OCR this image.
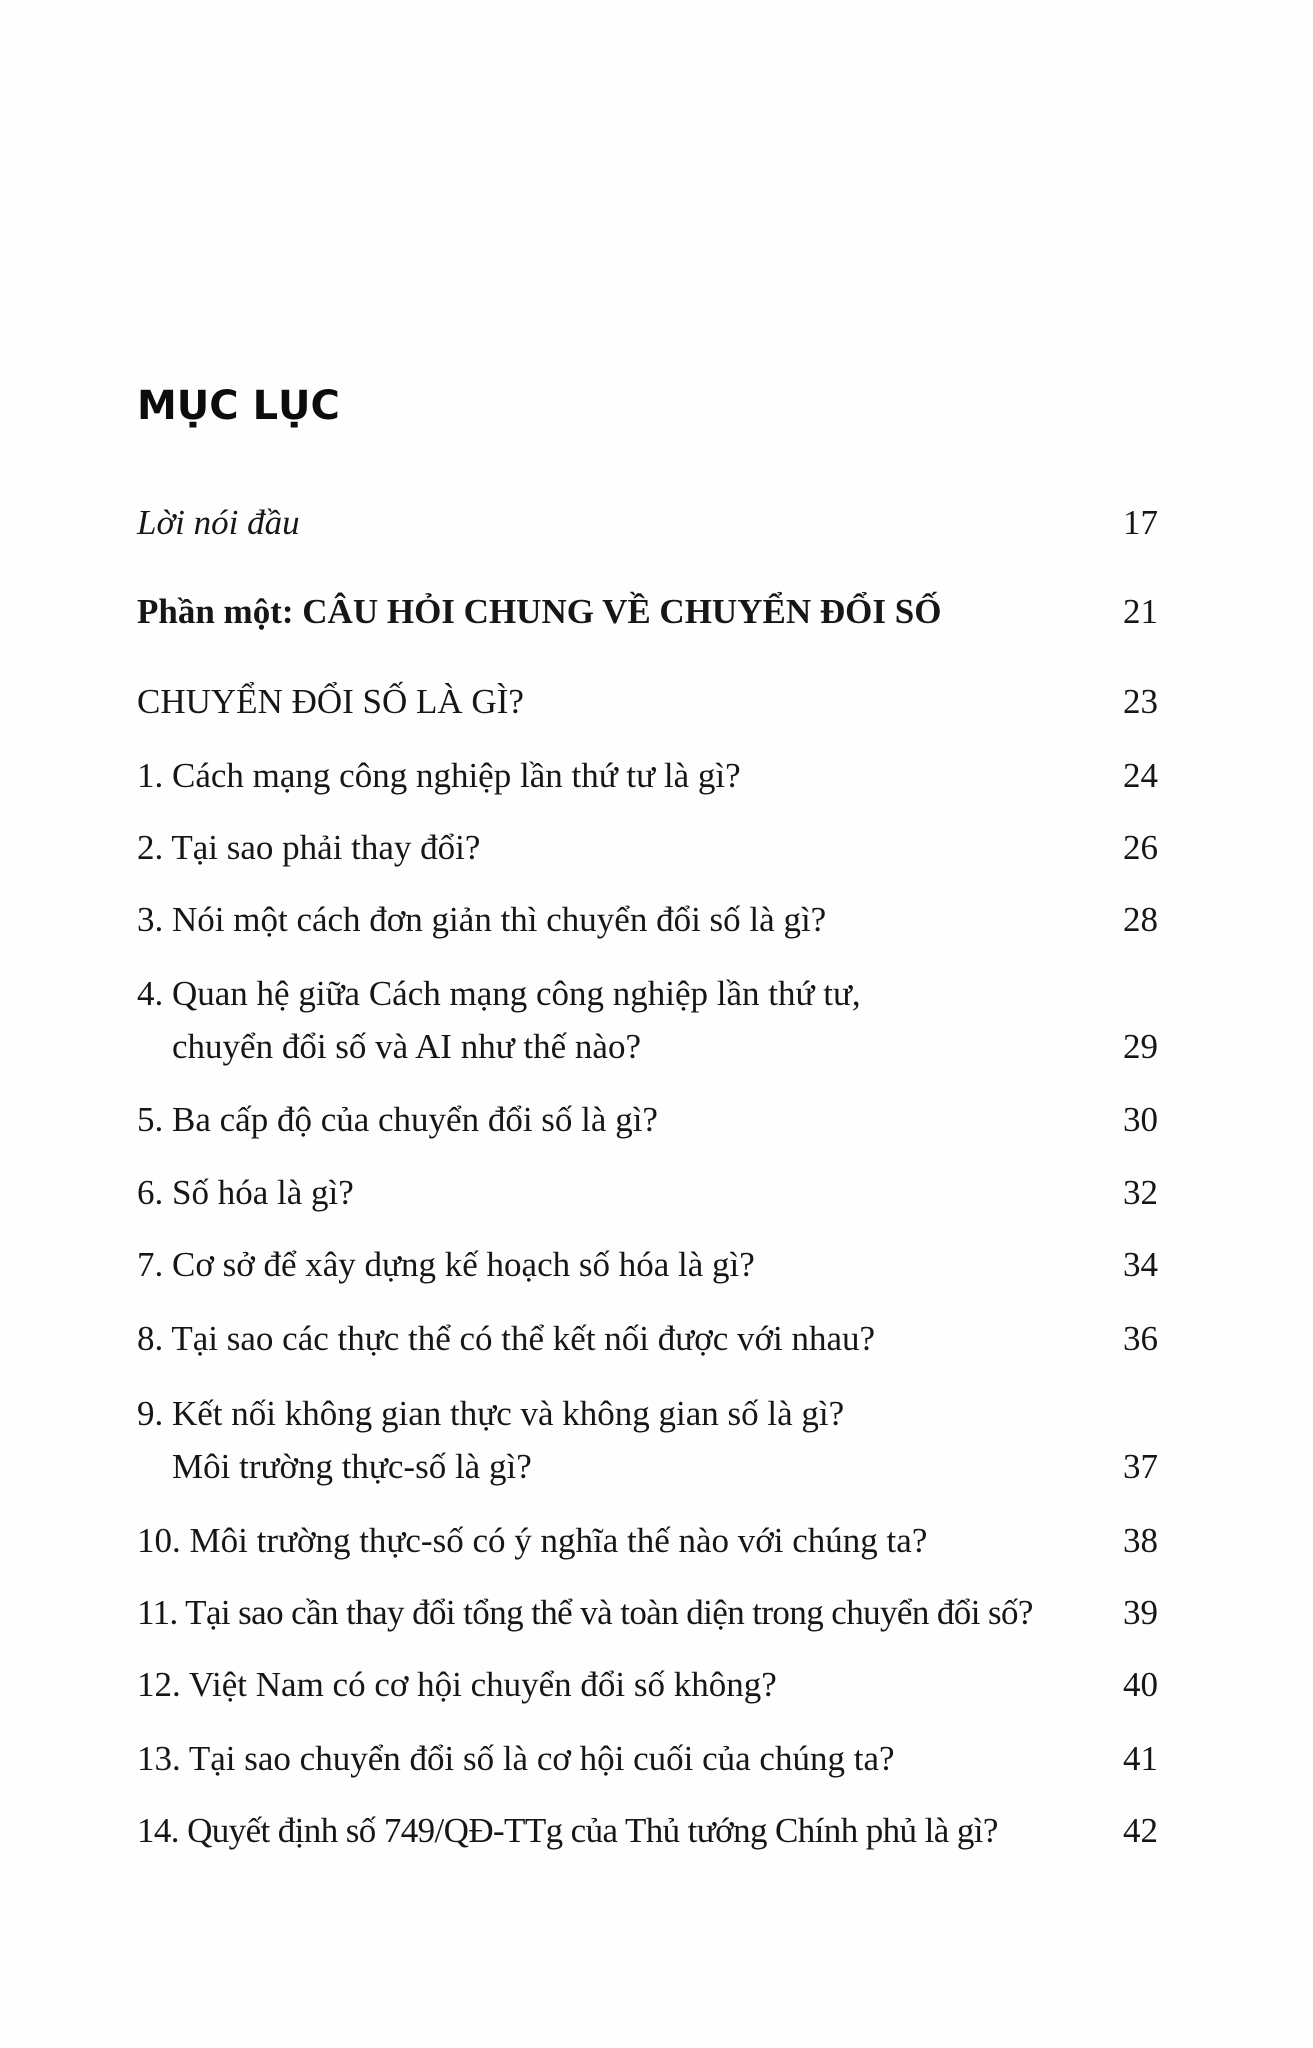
MỤC LỤC
Lời nói đầu	17
Phần một: CÂU HỎI CHUNG VỀ CHUYỂN ĐỔI SỐ	21
CHUYỂN ĐỔI SỐ LÀ GÌ?	23
1. Cách mạng công nghiệp lần thứ tư là gì?	24
2. Tại sao phải thay đổi?	26
3. Nói một cách đơn giản thì chuyển đổi số là gì?	28
4. Quan hệ giữa Cách mạng công nghiệp lần thứ tư,
chuyển đổi số và AI như thế nào?	29
5. Ba cấp độ của chuyển đổi số là gì?	30
6. Số hóa là gì?	32
7. Cơ sở để xây dựng kế hoạch số hóa là gì?	34
8. Tại sao các thực thể có thể kết nối được với nhau?	36
9. Kết nối không gian thực và không gian số là gì?
Môi trường thực-số là gì?	37
10. Môi trường thực-số có ý nghĩa thế nào với chúng ta?	38
11. Tại sao cần thay đổi tổng thể và toàn diện trong chuyển đổi số?	39
12. Việt Nam có cơ hội chuyển đổi số không?	40
13. Tại sao chuyển đổi số là cơ hội cuối của chúng ta?	41
14. Quyết định số 749/QĐ-TTg của Thủ tướng Chính phủ là gì?	42
